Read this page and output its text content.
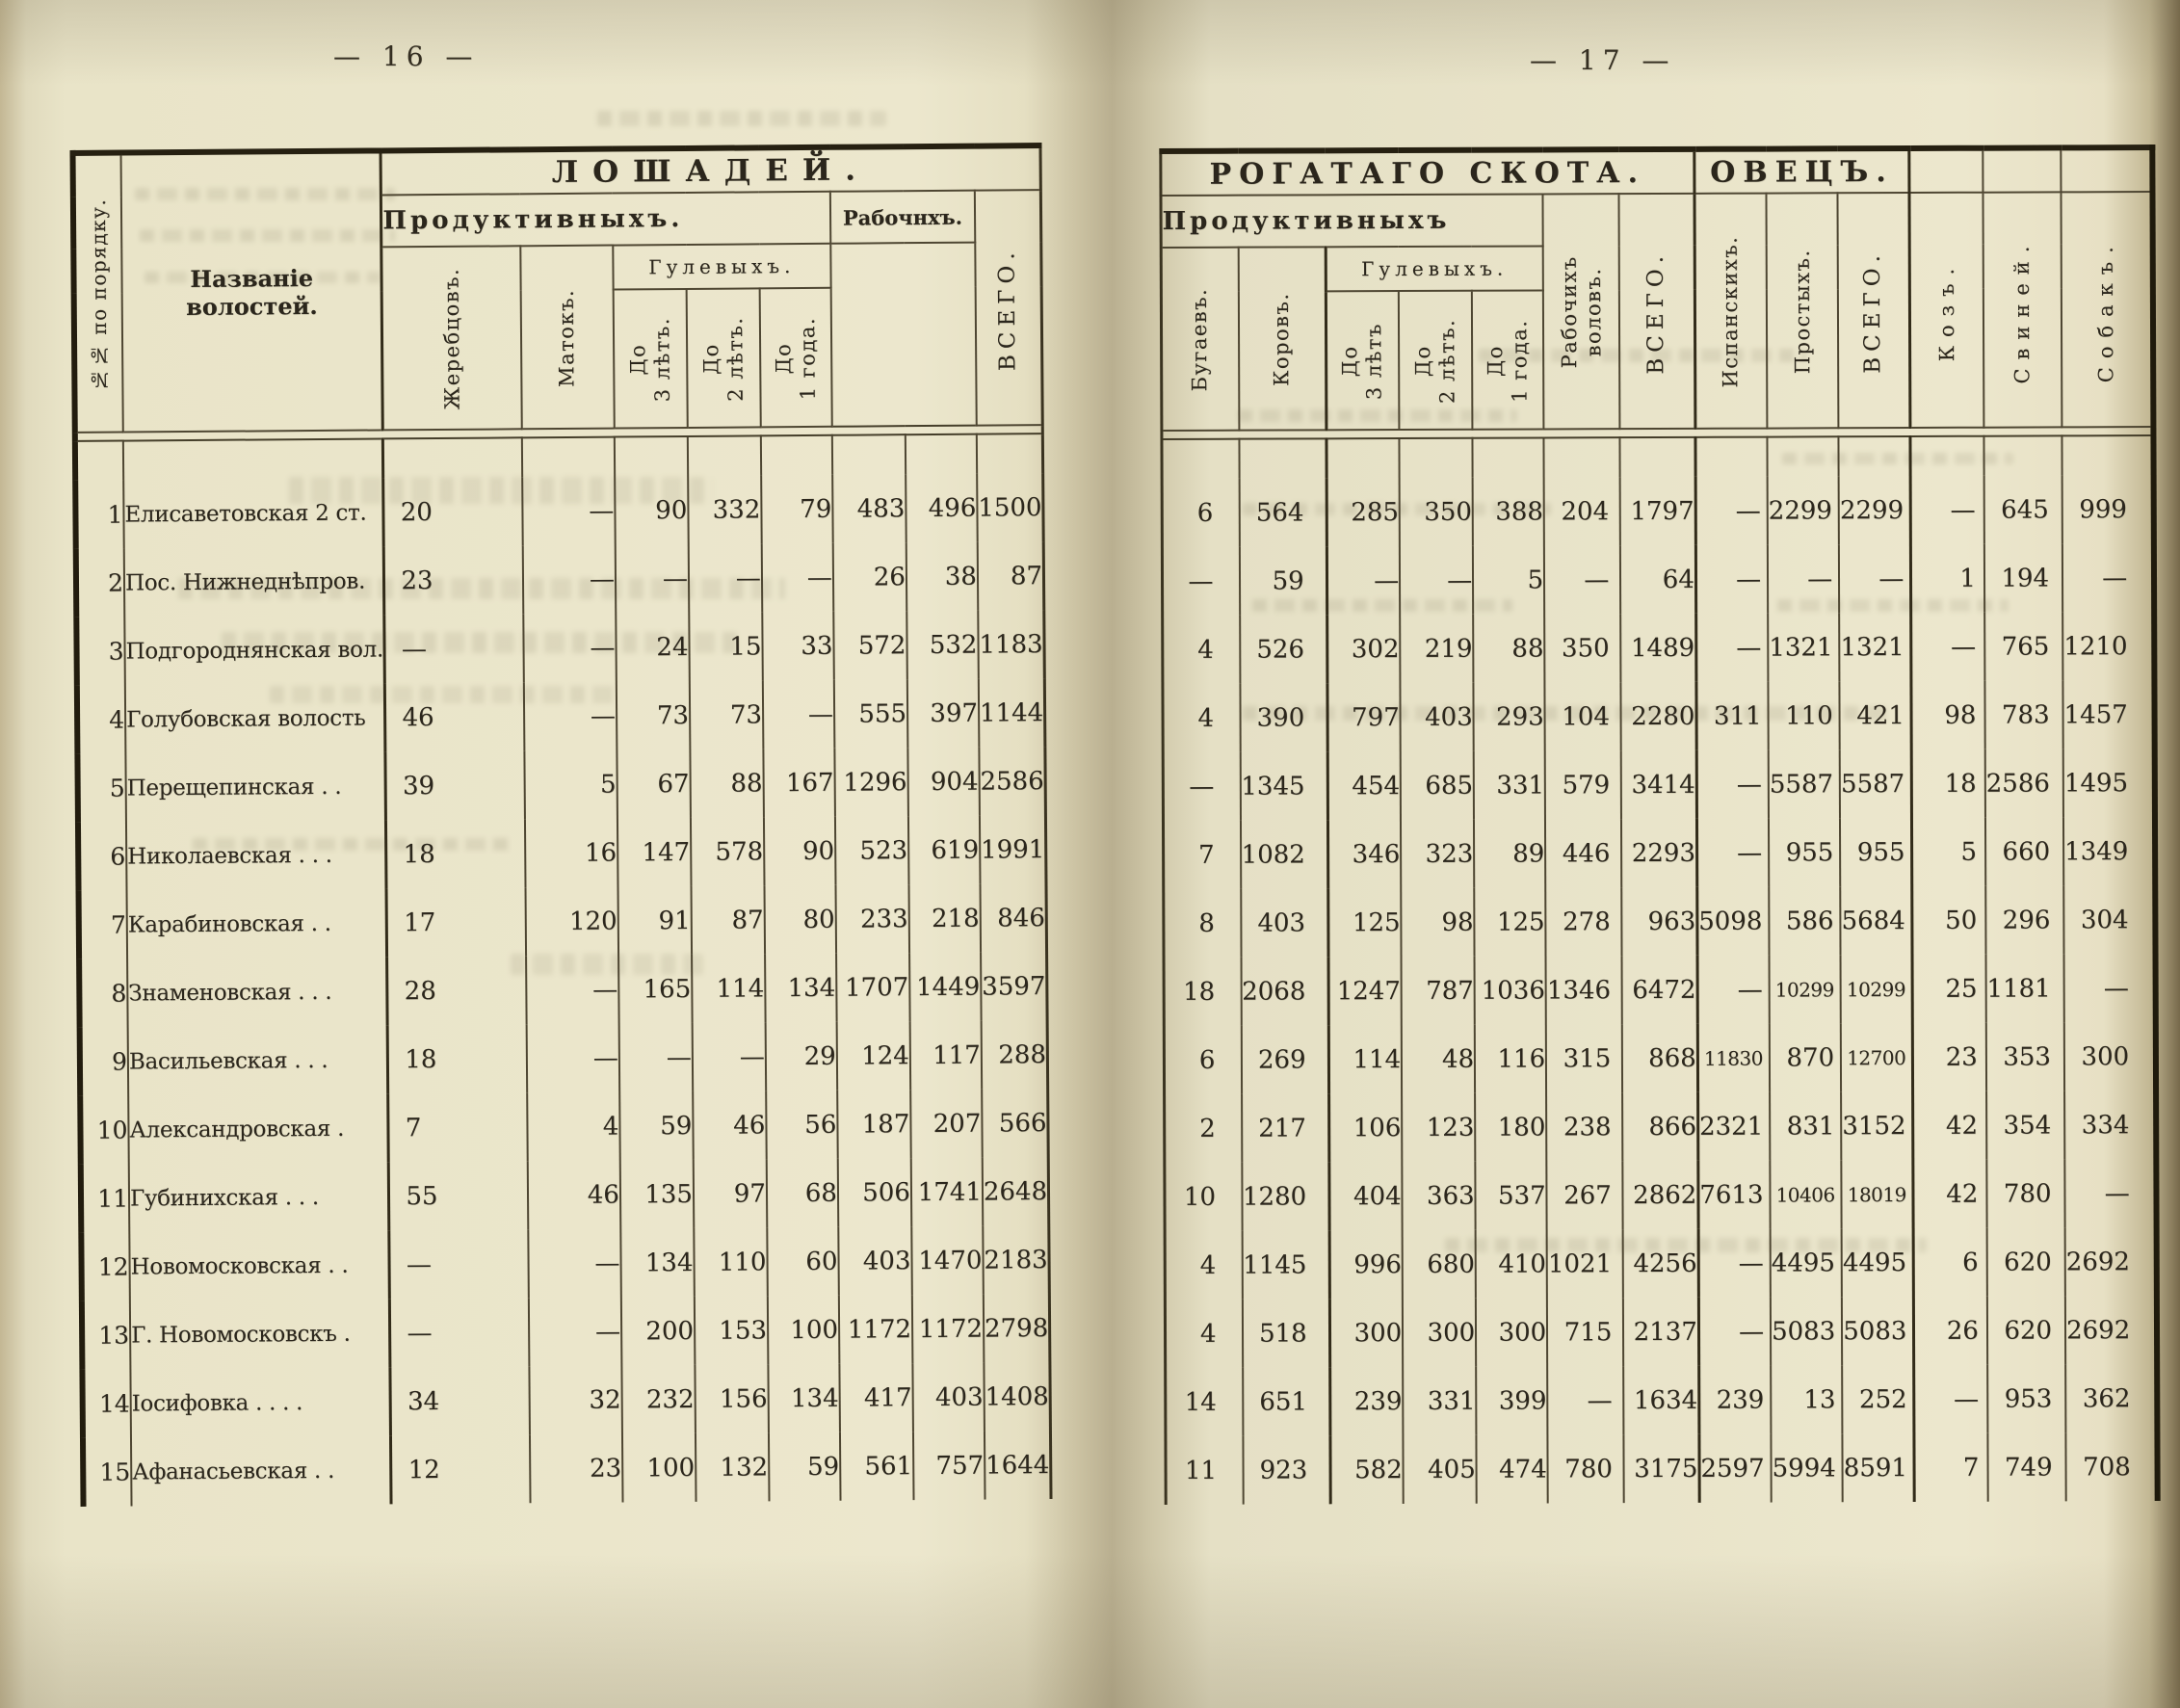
— 16 —	— 17 —
№№ по порядку.	Названіе волостей.	ЛОШАДЕЙ.							
		Продуктивныхъ.					Рабочнхъ.		ВСЕГО.
		Жеребцовъ.	Матокъ.	Гулевыхъ.					
				До
3 лѣтъ.	До
2 лѣтъ.	До
1 года.			

1	Елисаветовская 2 ст.	20	—	90	332	79	483	496	1500
2	Пос. Нижнеднѣпров.	23	—	—	—	—	26	38	87
3	Подгороднянская вол.	—	—	24	15	33	572	532	1183
4	Голубовская волость	46	—	73	73	—	555	397	1144
5	Перещепинская . .	39	5	67	88	167	1296	904	2586
6	Николаевская . . .	18	16	147	578	90	523	619	1991
7	Карабиновская . .	17	120	91	87	80	233	218	846
8	Знаменовская . . .	28	—	165	114	134	1707	1449	3597
9	Васильевская . . .	18	—	—	—	29	124	117	288
10	Александровская .	7	4	59	46	56	187	207	566
11	Губинихская . . .	55	46	135	97	68	506	1741	2648
12	Новомосковская . .	—	—	134	110	60	403	1470	2183
13	Г. Новомосковскъ .	—	—	200	153	100	1172	1172	2798
14	Іосифовка . . . .	34	32	232	156	134	417	403	1408
15	Афанасьевская . .	12	23	100	132	59	561	757	1644
РОГАТАГО СКОТА.							ОВЕЦЪ.					
Продуктивныхъ					Рабочихъ
воловъ.	ВСЕГО.	Испанскихъ.	Простыхъ.	ВСЕГО.	Козъ.	Свиней.	Собакъ.
Бугаевъ.	Коровъ.	Гулевыхъ.										
		До
3 лѣтъ	До
2 лѣтъ.	До
1 года.								

6	564	285	350	388	204	1797	—	2299	2299	—	645	999
—	59	—	—	5	—	64	—	—	—	1	194	—
4	526	302	219	88	350	1489	—	1321	1321	—	765	1210
4	390	797	403	293	104	2280	311	110	421	98	783	1457
—	1345	454	685	331	579	3414	—	5587	5587	18	2586	1495
7	1082	346	323	89	446	2293	—	955	955	5	660	1349
8	403	125	98	125	278	963	5098	586	5684	50	296	304
18	2068	1247	787	1036	1346	6472	—	10299	10299	25	1181	—
6	269	114	48	116	315	868	11830	870	12700	23	353	300
2	217	106	123	180	238	866	2321	831	3152	42	354	334
10	1280	404	363	537	267	2862	7613	10406	18019	42	780	—
4	1145	996	680	410	1021	4256	—	4495	4495	6	620	2692
4	518	300	300	300	715	2137	—	5083	5083	26	620	2692
14	651	239	331	399	—	1634	239	13	252	—	953	362
11	923	582	405	474	780	3175	2597	5994	8591	7	749	708
